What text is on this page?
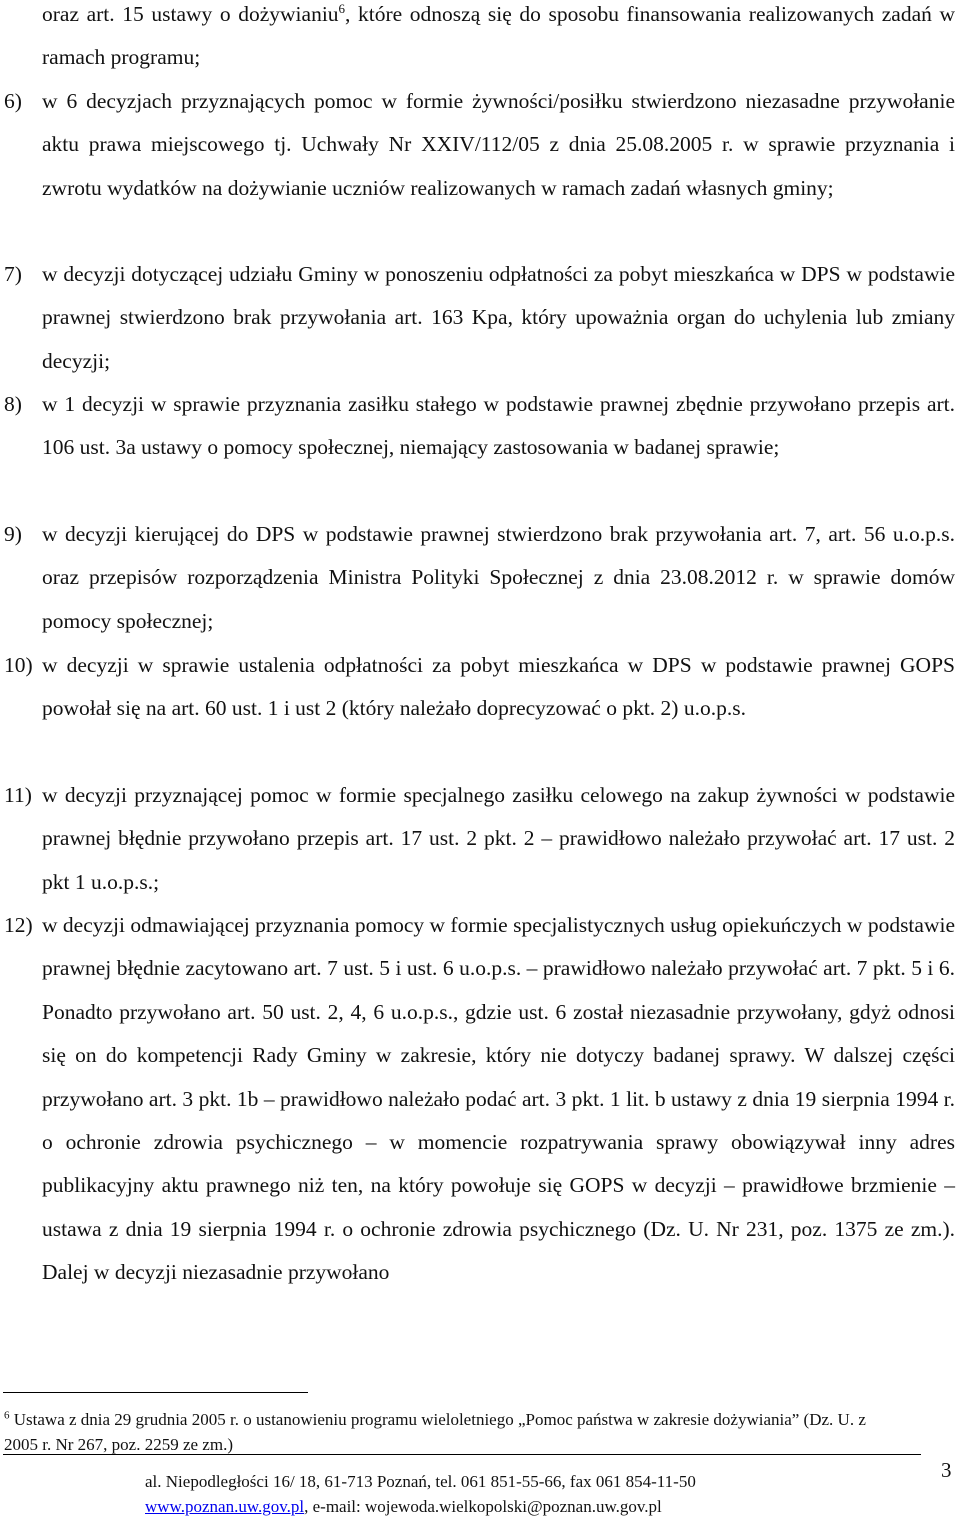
oraz art. 15 ustawy o dożywianiu$^6$, które odnoszą się do sposobu finansowania realizowanych zadań w ramach programu;
6) w 6 decyzjach przyznających pomoc w formie żywności/posiłku stwierdzono niezasadne przywołanie aktu prawa miejscowego tj. Uchwały Nr XXIV/112/05 z dnia 25.08.2005 r. w sprawie przyznania i zwrotu wydatków na dożywianie uczniów realizowanych w ramach zadań własnych gminy;
7) w decyzji dotyczącej udziału Gminy w ponoszeniu odpłatności za pobyt mieszkańca w DPS w podstawie prawnej stwierdzono brak przywołania art. 163 Kpa, który upoważnia organ do uchylenia lub zmiany decyzji;
8) w 1 decyzji w sprawie przyznania zasiłku stałego w podstawie prawnej zbędnie przywołano przepis art. 106 ust. 3a ustawy o pomocy społecznej, niemający zastosowania w badanej sprawie;
9) w decyzji kierującej do DPS w podstawie prawnej stwierdzono brak przywołania art. 7, art. 56 u.o.p.s. oraz przepisów rozporządzenia Ministra Polityki Społecznej z dnia 23.08.2012 r. w sprawie domów pomocy społecznej;
10) w decyzji w sprawie ustalenia odpłatności za pobyt mieszkańca w DPS w podstawie prawnej GOPS powołał się na art. 60 ust. 1 i ust 2 (który należało doprecyzować o pkt. 2) u.o.p.s.
11) w decyzji przyznającej pomoc w formie specjalnego zasiłku celowego na zakup żywności w podstawie prawnej błędnie przywołano przepis art. 17 ust. 2 pkt. 2 – prawidłowo należało przywołać art. 17 ust. 2 pkt 1 u.o.p.s.;
12) w decyzji odmawiającej przyznania pomocy w formie specjalistycznych usług opiekuńczych w podstawie prawnej błędnie zacytowano art. 7 ust. 5 i ust. 6 u.o.p.s. – prawidłowo należało przywołać art. 7 pkt. 5 i 6. Ponadto przywołano art. 50 ust. 2, 4, 6 u.o.p.s., gdzie ust. 6 został niezasadnie przywołany, gdyż odnosi się on do kompetencji Rady Gminy w zakresie, który nie dotyczy badanej sprawy. W dalszej części przywołano art. 3 pkt. 1b – prawidłowo należało podać art. 3 pkt. 1 lit. b ustawy z dnia 19 sierpnia 1994 r. o ochronie zdrowia psychicznego – w momencie rozpatrywania sprawy obowiązywał inny adres publikacyjny aktu prawnego niż ten, na który powołuje się GOPS w decyzji – prawidłowe brzmienie – ustawa z dnia 19 sierpnia 1994 r. o ochronie zdrowia psychicznego (Dz. U. Nr 231, poz. 1375 ze zm.). Dalej w decyzji niezasadnie przywołano
$^6$ Ustawa z dnia 29 grudnia 2005 r. o ustanowieniu programu wieloletniego „Pomoc państwa w zakresie dożywiania” (Dz. U. z 2005 r. Nr 267, poz. 2259 ze zm.)
3
al. Niepodległości 16/ 18, 61-713 Poznań, tel. 061 851-55-66, fax 061 854-11-50
www.poznan.uw.gov.pl, e-mail: wojewoda.wielkopolski@poznan.uw.gov.pl
